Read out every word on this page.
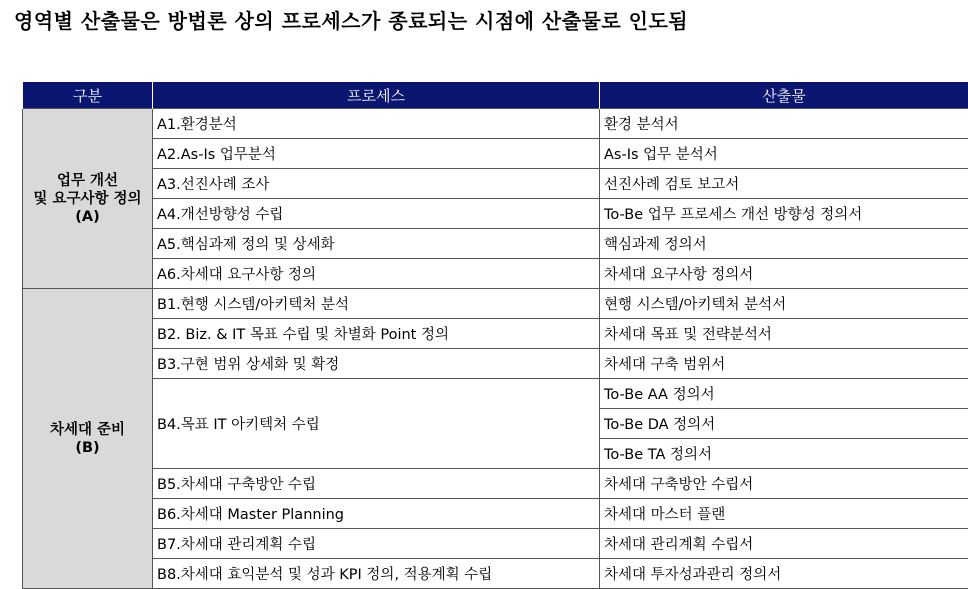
영역별 산출물은 방법론 상의 프로세스가 종료되는 시점에 산출물로 인도됨
구분	프로세스	산출물

업무 개선
및 요구사항 정의
(A)	A1.환경분석	환경 분석서
	A2.As-Is 업무분석	As-Is 업무 분석서
	A3.선진사례 조사	선진사례 검토 보고서
	A4.개선방향성 수립	To-Be 업무 프로세스 개선 방향성 정의서
	A5.핵심과제 정의 및 상세화	핵심과제 정의서
	A6.차세대 요구사항 정의	차세대 요구사항 정의서

차세대 준비
(B)	B1.현행 시스템/아키텍처 분석	현행 시스템/아키텍처 분석서
	B2. Biz. & IT 목표 수립 및 차별화 Point 정의	차세대 목표 및 전략분석서
	B3.구현 범위 상세화 및 확정	차세대 구축 범위서
	B4.목표 IT 아키텍처 수립	To-Be AA 정의서
		To-Be DA 정의서
		To-Be TA 정의서
	B5.차세대 구축방안 수립	차세대 구축방안 수립서
	B6.차세대 Master Planning	차세대 마스터 플랜
	B7.차세대 관리계획 수립	차세대 관리계획 수립서
	B8.차세대 효익분석 및 성과 KPI 정의, 적용계획 수립	차세대 투자성과관리 정의서
